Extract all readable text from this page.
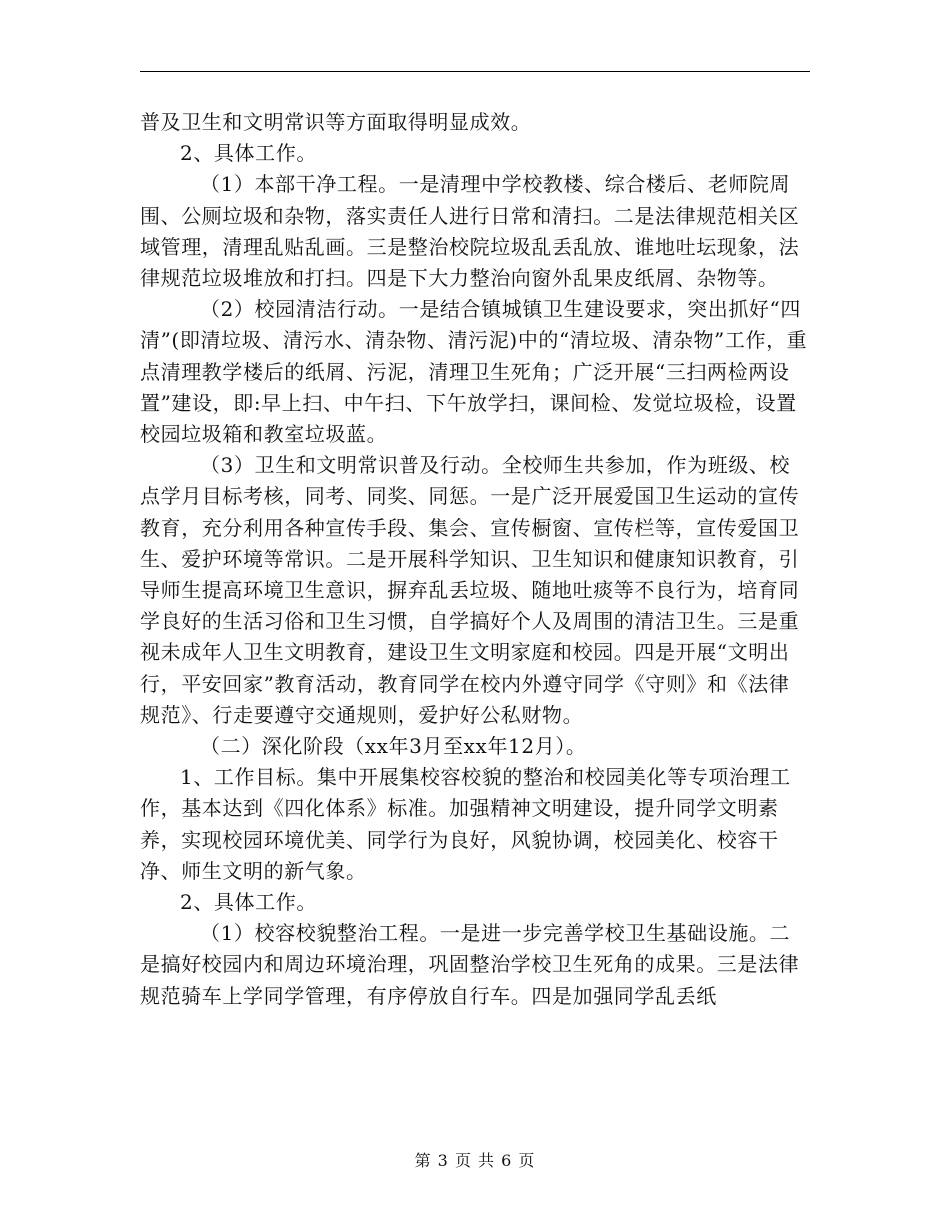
普及卫生和文明常识等方面取得明显成效。

2、具体工作。

（1）本部干净工程。一是清理中学校教楼、综合楼后、老师院周围、公厕垃圾和杂物，落实责任人进行日常和清扫。二是法律规范相关区域管理，清理乱贴乱画。三是整治校院垃圾乱丢乱放、谁地吐坛现象，法律规范垃圾堆放和打扫。四是下大力整治向窗外乱果皮纸屑、杂物等。

（2）校园清洁行动。一是结合镇城镇卫生建设要求，突出抓好“四清”(即清垃圾、清污水、清杂物、清污泥)中的“清垃圾、清杂物”工作，重点清理教学楼后的纸屑、污泥，清理卫生死角；广泛开展“三扫两检两设置”建设，即:早上扫、中午扫、下午放学扫，课间检、发觉垃圾检，设置校园垃圾箱和教室垃圾蓝。

（3）卫生和文明常识普及行动。全校师生共参加，作为班级、校点学月目标考核，同考、同奖、同惩。一是广泛开展爱国卫生运动的宣传教育，充分利用各种宣传手段、集会、宣传橱窗、宣传栏等，宣传爱国卫生、爱护环境等常识。二是开展科学知识、卫生知识和健康知识教育，引导师生提高环境卫生意识，摒弃乱丢垃圾、随地吐痰等不良行为，培育同学良好的生活习俗和卫生习惯，自学搞好个人及周围的清洁卫生。三是重视未成年人卫生文明教育，建设卫生文明家庭和校园。四是开展“文明出行，平安回家”教育活动，教育同学在校内外遵守同学《守则》和《法律规范》、行走要遵守交通规则，爱护好公私财物。

（二）深化阶段（xx年3月至xx年12月）。

1、工作目标。集中开展集校容校貌的整治和校园美化等专项治理工作，基本达到《四化体系》标准。加强精神文明建设，提升同学文明素养，实现校园环境优美、同学行为良好，风貌协调，校园美化、校容干净、师生文明的新气象。

2、具体工作。

（1）校容校貌整治工程。一是进一步完善学校卫生基础设施。二是搞好校园内和周边环境治理，巩固整治学校卫生死角的成果。三是法律规范骑车上学同学管理，有序停放自行车。四是加强同学乱丢纸

第 3 页 共 6 页
